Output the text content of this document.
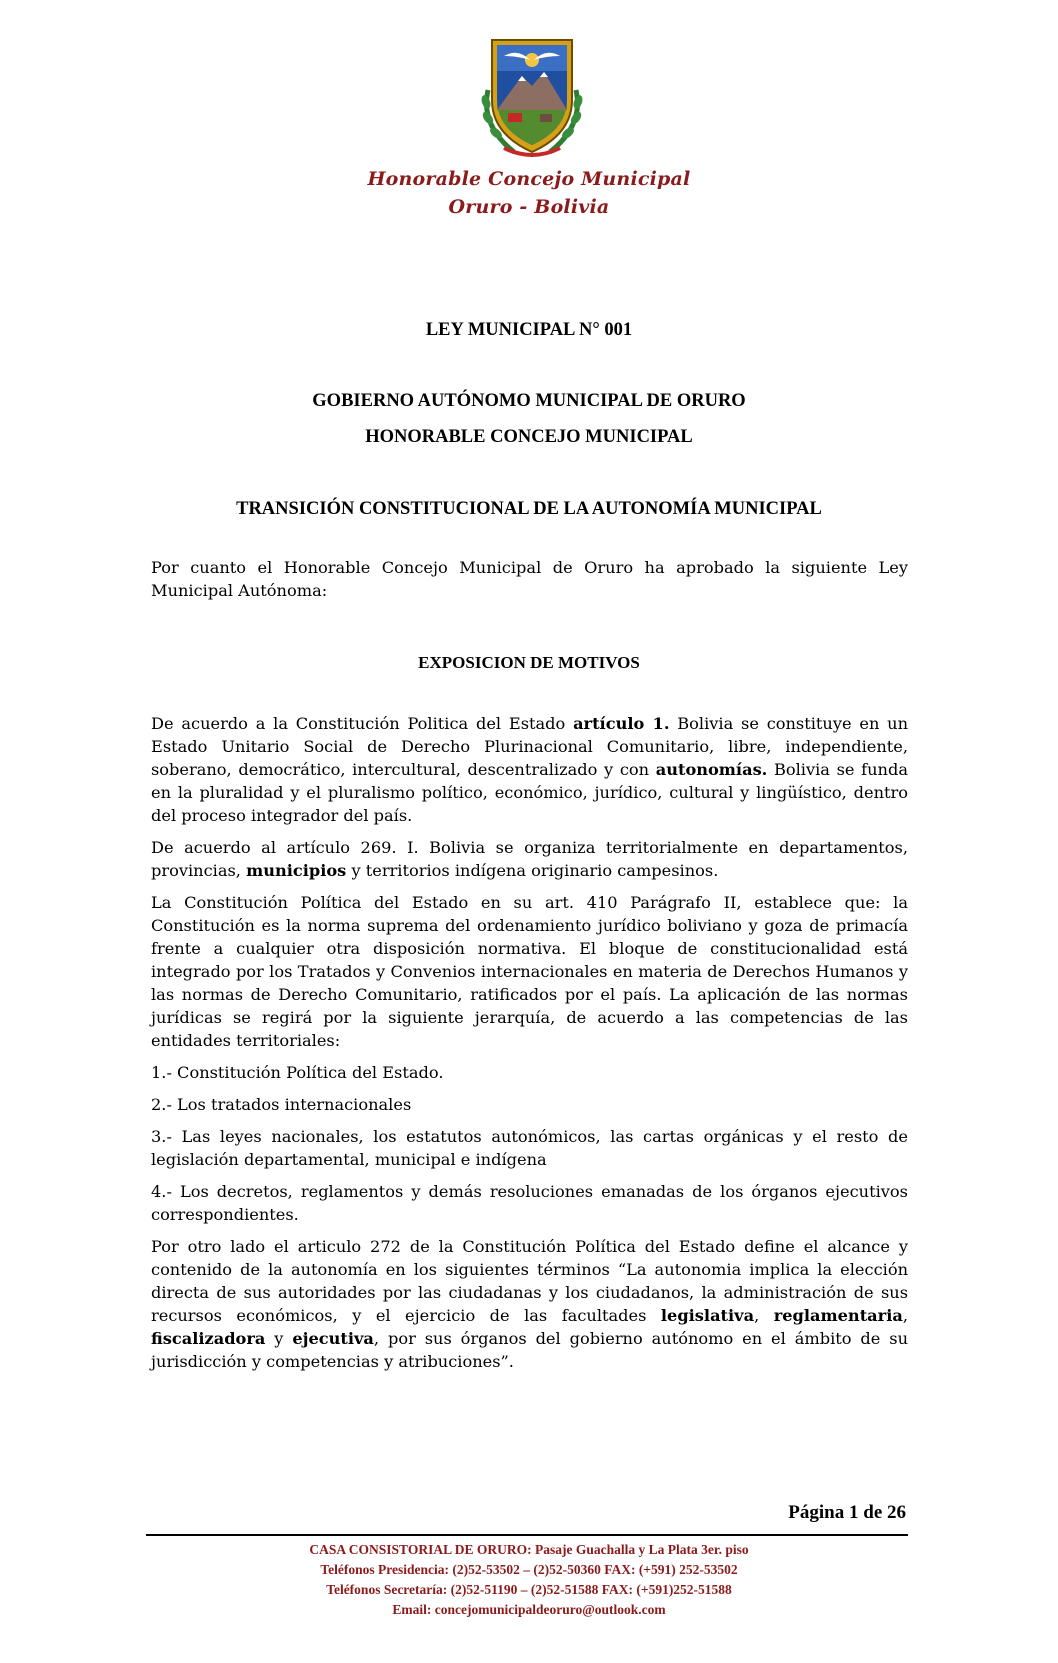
Honorable Concejo Municipal
Oruro - Bolivia
LEY MUNICIPAL N° 001
GOBIERNO AUTÓNOMO MUNICIPAL DE ORURO
HONORABLE CONCEJO MUNICIPAL
TRANSICIÓN CONSTITUCIONAL DE LA AUTONOMÍA MUNICIPAL

Por cuanto el Honorable Concejo Municipal de Oruro ha aprobado la siguiente Ley Municipal Autónoma:

EXPOSICION DE MOTIVOS

De acuerdo a la Constitución Politica del Estado artículo 1. Bolivia se constituye en un Estado Unitario Social de Derecho Plurinacional Comunitario, libre, independiente, soberano, democrático, intercultural, descentralizado y con autonomías. Bolivia se funda en la pluralidad y el pluralismo político, económico, jurídico, cultural y lingüístico, dentro del proceso integrador del país.

De acuerdo al artículo 269. I. Bolivia se organiza territorialmente en departamentos, provincias, municipios y territorios indígena originario campesinos.

La Constitución Política del Estado en su art. 410 Parágrafo II, establece que: la Constitución es la norma suprema del ordenamiento jurídico boliviano y goza de primacía frente a cualquier otra disposición normativa. El bloque de constitucionalidad está integrado por los Tratados y Convenios internacionales en materia de Derechos Humanos y las normas de Derecho Comunitario, ratificados por el país. La aplicación de las normas jurídicas se regirá por la siguiente jerarquía, de acuerdo a las competencias de las entidades territoriales:

1.- Constitución Política del Estado.

2.- Los tratados internacionales

3.- Las leyes nacionales, los estatutos autonómicos, las cartas orgánicas y el resto de legislación departamental, municipal e indígena

4.- Los decretos, reglamentos y demás resoluciones emanadas de los órganos ejecutivos correspondientes.

Por otro lado el articulo 272 de la Constitución Política del Estado define el alcance y contenido de la autonomía en los siguientes términos “La autonomia implica la elección directa de sus autoridades por las ciudadanas y los ciudadanos, la administración de sus recursos económicos, y el ejercicio de las facultades legislativa, reglamentaria, fiscalizadora y ejecutiva, por sus órganos del gobierno autónomo en el ámbito de su jurisdicción y competencias y atribuciones”.

Página 1 de 26
CASA CONSISTORIAL DE ORURO: Pasaje Guachalla y La Plata 3er. piso
Teléfonos Presidencia: (2)52-53502 – (2)52-50360 FAX: (+591) 252-53502
Teléfonos Secretaría: (2)52-51190 – (2)52-51588 FAX: (+591)252-51588
Email: concejomunicipaldeoruro@outlook.com
